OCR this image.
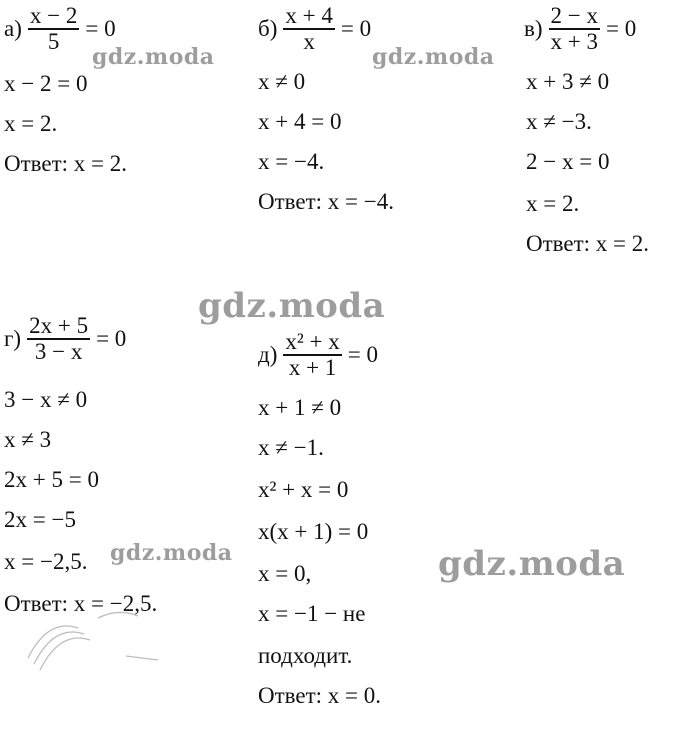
$а) \frac{x - 2}{5} = 0$
x − 2 = 0
x = 2.
Ответ: x = 2.
$б) \frac{x + 4}{x} = 0$
x ≠ 0
x + 4 = 0
x = −4.
Ответ: x = −4.
$в) \frac{2 - x}{x + 3} = 0$
x + 3 ≠ 0
x ≠ −3.
2 − x = 0
x = 2.
Ответ: x = 2.
$г) \frac{2x + 5}{3 - x} = 0$
3 − x ≠ 0
x ≠ 3
2x + 5 = 0
2x = −5
x = −2,5.
Ответ: x = −2,5.
$д) \frac{\text{x² + x}}{x + 1} = 0$
x + 1 ≠ 0
x ≠ −1.
x² + x = 0
x(x + 1) = 0
x = 0,
x = −1 − не
подходит.
Ответ: x = 0.
gdz.moda	gdz.moda
gdz.moda
gdz.moda	gdz.moda
